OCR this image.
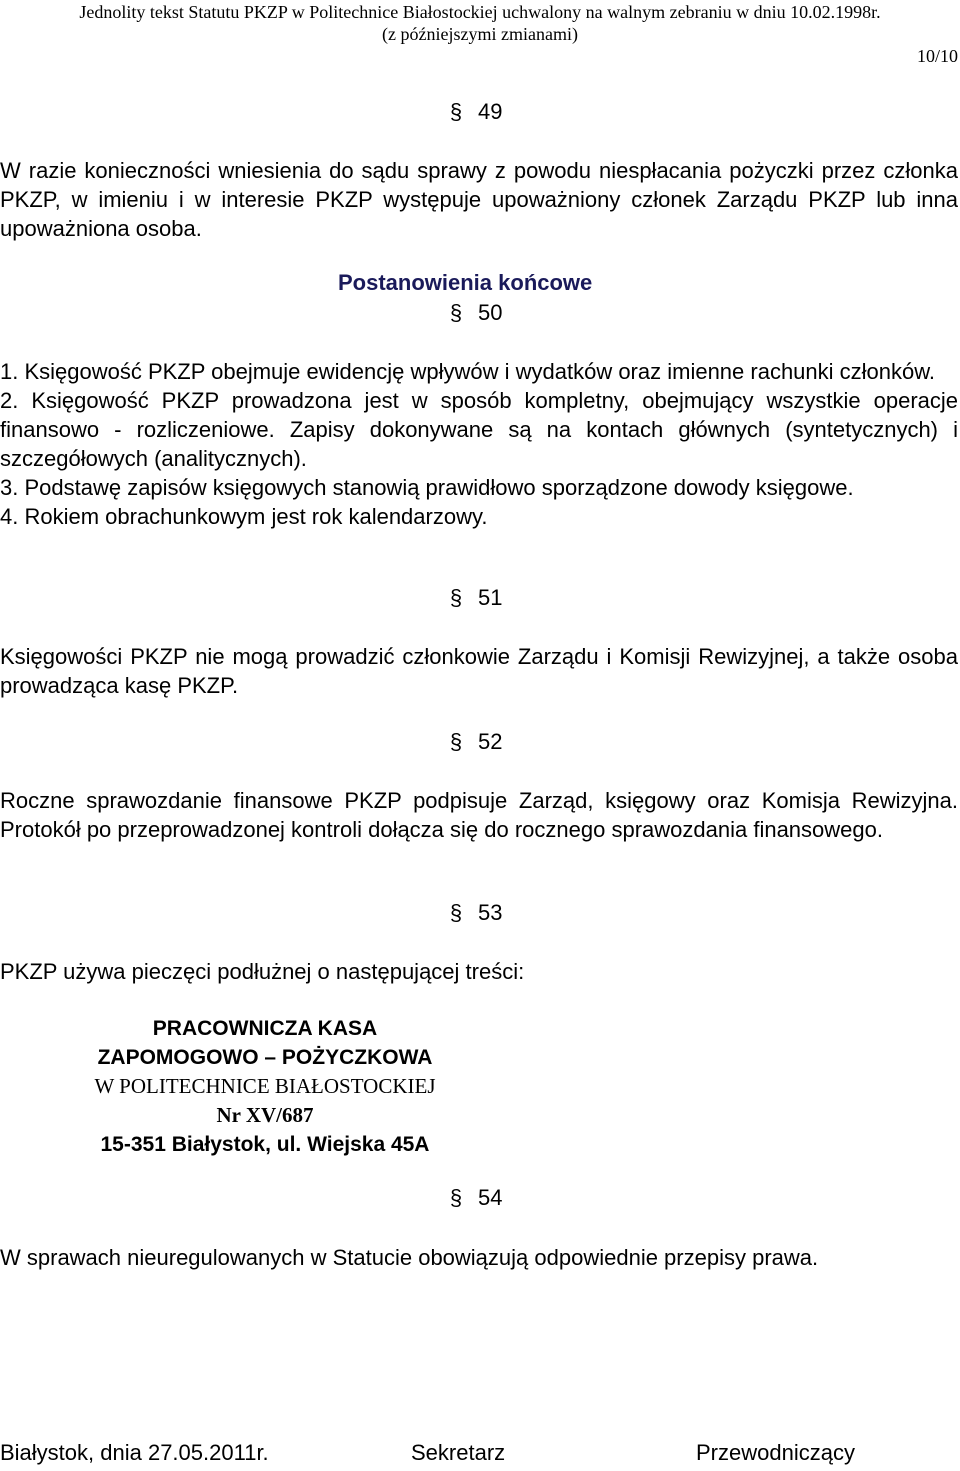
Jednolity tekst Statutu PKZP w Politechnice Białostockiej uchwalony na walnym zebraniu w dniu 10.02.1998r.
(z późniejszymi zmianami)
10/10
§ 49

W razie konieczności wniesienia do sądu sprawy z powodu niespłacania pożyczki przez członka PKZP, w imieniu i w interesie PKZP występuje upoważniony członek Zarządu PKZP lub inna upoważniona osoba.

Postanowienia końcowe
§ 50

1. Księgowość PKZP obejmuje ewidencję wpływów i wydatków oraz imienne rachunki członków.

2. Księgowość PKZP prowadzona jest w sposób kompletny, obejmujący wszystkie operacje finansowo - rozliczeniowe. Zapisy dokonywane są na kontach głównych (syntetycznych) i szczegółowych (analitycznych).

3. Podstawę zapisów księgowych stanowią prawidłowo sporządzone dowody księgowe.

4. Rokiem obrachunkowym jest rok kalendarzowy.

§ 51

Księgowości PKZP nie mogą prowadzić członkowie Zarządu i Komisji Rewizyjnej, a także osoba prowadząca kasę PKZP.

§ 52

Roczne sprawozdanie finansowe PKZP podpisuje Zarząd, księgowy oraz Komisja Rewizyjna. Protokół po przeprowadzonej kontroli dołącza się do rocznego sprawozdania finansowego.

§ 53

PKZP używa pieczęci podłużnej o następującej treści:

PRACOWNICZA KASA
ZAPOMOGOWO – POŻYCZKOWA
W POLITECHNICE BIAŁOSTOCKIEJ
Nr XV/687
15-351 Białystok, ul. Wiejska 45A
§ 54

W sprawach nieuregulowanych w Statucie obowiązują odpowiednie przepisy prawa.

Białystok, dnia 27.05.2011r.	Sekretarz	Przewodniczący
